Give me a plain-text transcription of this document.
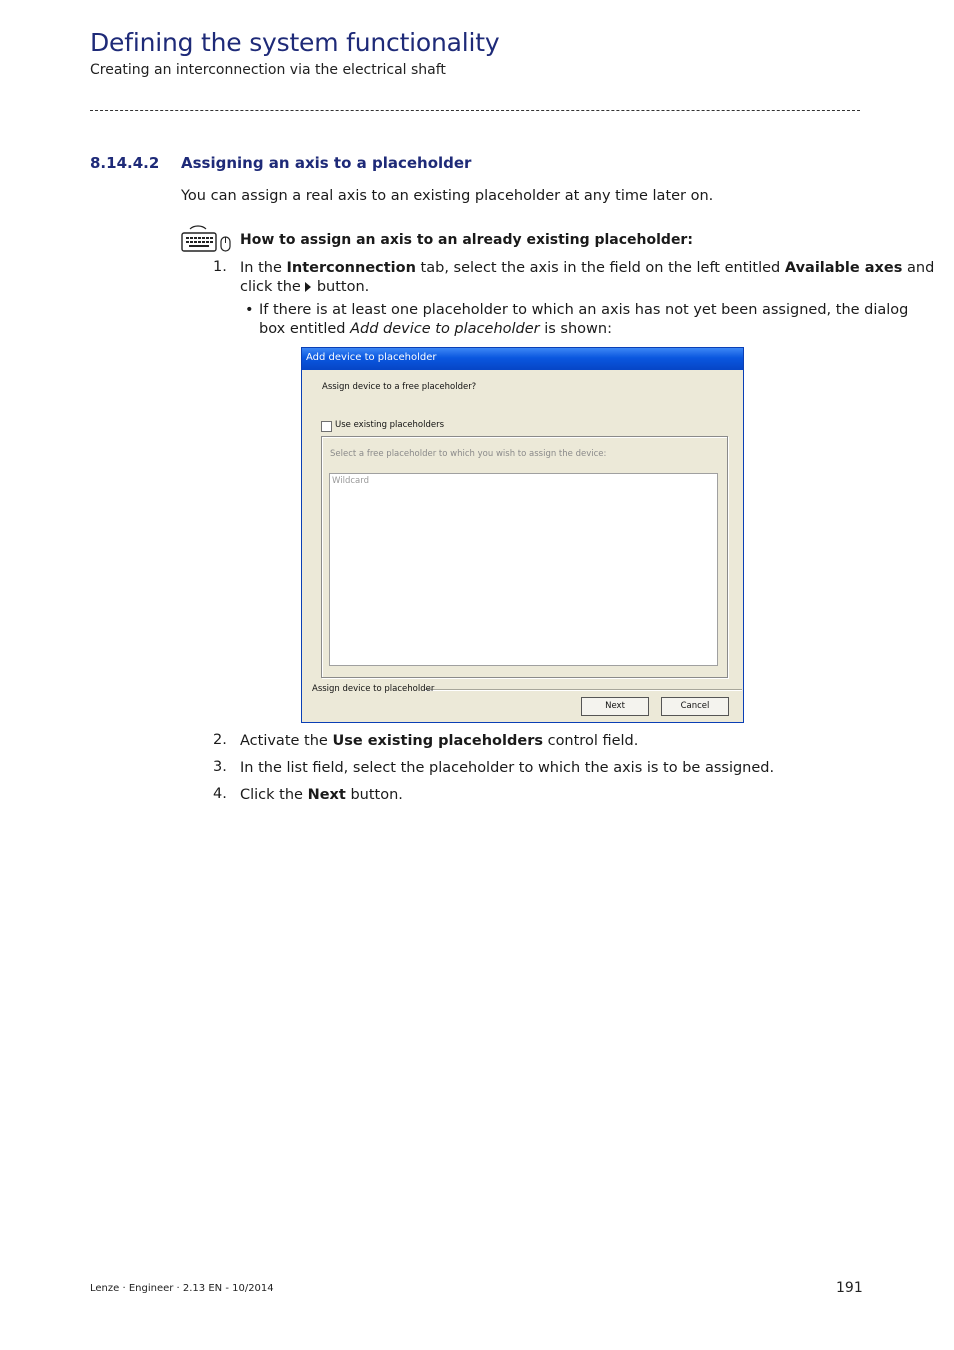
Defining the system functionality
Creating an interconnection via the electrical shaft
8.14.4.2 Assigning an axis to a placeholder
You can assign a real axis to an existing placeholder at any time later on.
How to assign an axis to an already existing placeholder:
1. In the Interconnection tab, select the axis in the field on the left entitled Available axes and
click the button.
• If there is at least one placeholder to which an axis has not yet been assigned, the dialog
box entitled Add device to placeholder is shown:
Add device to placeholder
Assign device to a free placeholder?
Use existing placeholders
Select a free placeholder to which you wish to assign the device:
Wildcard
Assign device to placeholder
Next	Cancel
2. Activate the Use existing placeholders control field.
3. In the list field, select the placeholder to which the axis is to be assigned.
4. Click the Next button.
Lenze · Engineer · 2.13 EN - 10/2014	191
